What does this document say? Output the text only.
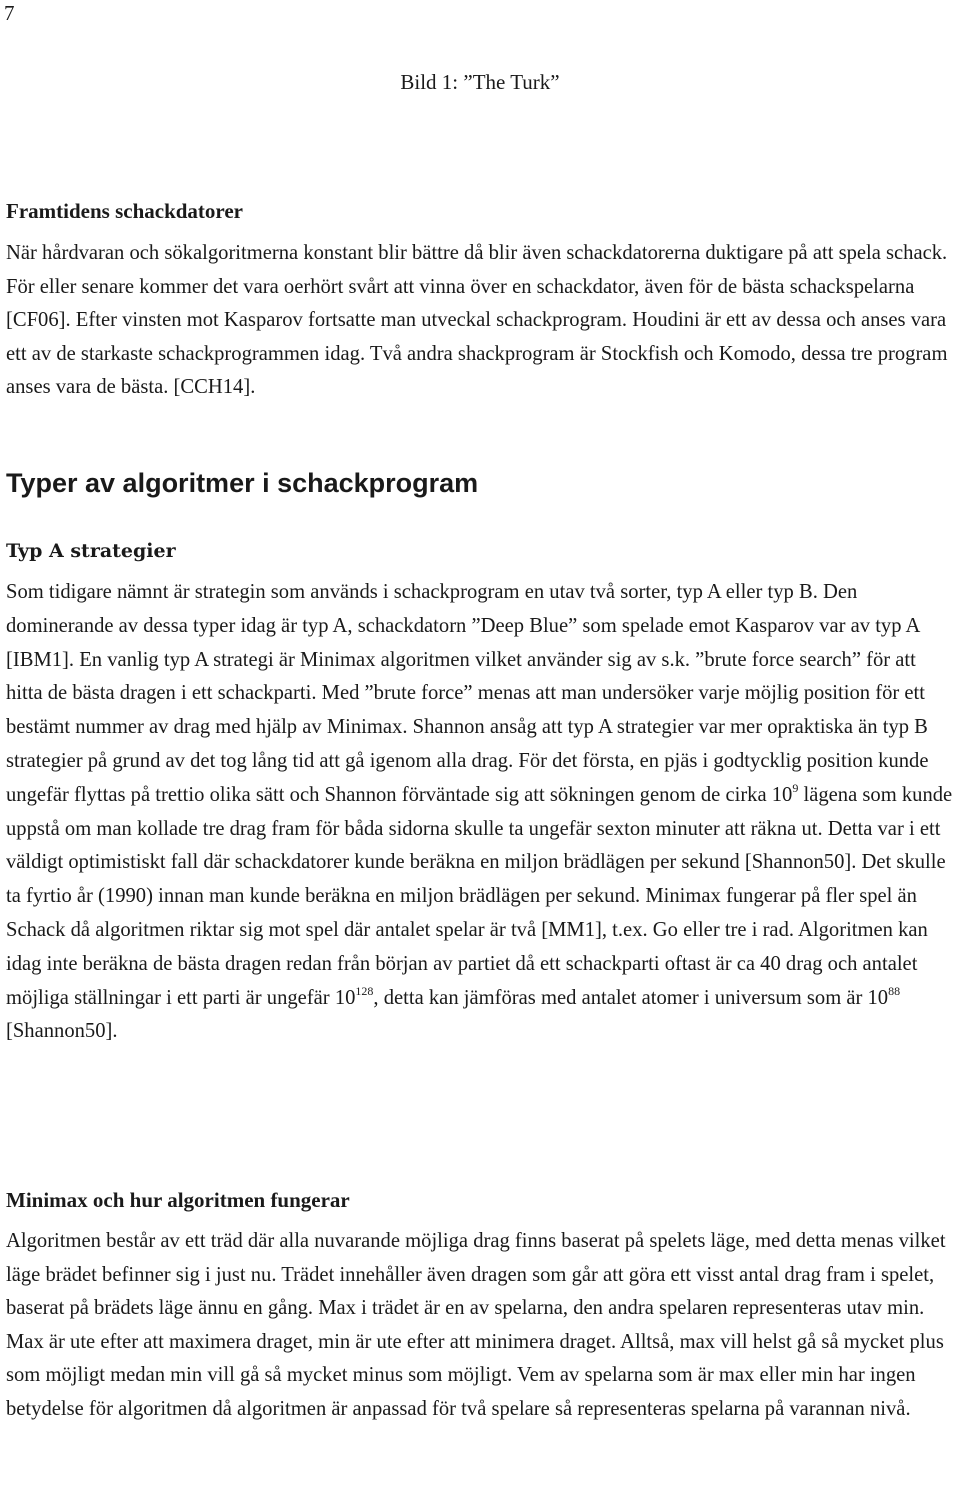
7
Bild 1: ”The Turk”
Framtidens schackdatorer

När hårdvaran och sökalgoritmerna konstant blir bättre då blir även schackdatorerna duktigare på att spela schack. För eller senare kommer det vara oerhört svårt att vinna över en schackdator, även för de bästa schackspelarna [CF06]. Efter vinsten mot Kasparov fortsatte man utveckal schackprogram. Houdini är ett av dessa och anses vara ett av de starkaste schackprogrammen idag. Två andra shackprogram är Stockfish och Komodo, dessa tre program anses vara de bästa. [CCH14].

Typer av algoritmer i schackprogram
Typ A strategier

Som tidigare nämnt är strategin som används i schackprogram en utav två sorter, typ A eller typ B. Den dominerande av dessa typer idag är typ A, schackdatorn ”Deep Blue” som spelade emot Kasparov var av typ A [IBM1]. En vanlig typ A strategi är Minimax algoritmen vilket använder sig av s.k. ”brute force search” för att hitta de bästa dragen i ett schackparti. Med ”brute force” menas att man undersöker varje möjlig position för ett bestämt nummer av drag med hjälp av Minimax. Shannon ansåg att typ A strategier var mer opraktiska än typ B strategier på grund av det tog lång tid att gå igenom alla drag. För det första, en pjäs i godtycklig position kunde ungefär flyttas på trettio olika sätt och Shannon förväntade sig att sökningen genom de cirka $10^9$ lägena som kunde uppstå om man kollade tre drag fram för båda sidorna skulle ta ungefär sexton minuter att räkna ut. Detta var i ett väldigt optimistiskt fall där schackdatorer kunde beräkna en miljon brädlägen per sekund [Shannon50]. Det skulle ta fyrtio år (1990) innan man kunde beräkna en miljon brädlägen per sekund. Minimax fungerar på fler spel än Schack då algoritmen riktar sig mot spel där antalet spelar är två [MM1], t.ex. Go eller tre i rad. Algoritmen kan idag inte beräkna de bästa dragen redan från början av partiet då ett schackparti oftast är ca 40 drag och antalet möjliga ställningar i ett parti är ungefär $10^{128}$, detta kan jämföras med antalet atomer i universum som är $10^{88}$ [Shannon50].

Minimax och hur algoritmen fungerar

Algoritmen består av ett träd där alla nuvarande möjliga drag finns baserat på spelets läge, med detta menas vilket läge brädet befinner sig i just nu. Trädet innehåller även dragen som går att göra ett visst antal drag fram i spelet, baserat på brädets läge ännu en gång. Max i trädet är en av spelarna, den andra spelaren representeras utav min. Max är ute efter att maximera draget, min är ute efter att minimera draget. Alltså, max vill helst gå så mycket plus som möjligt medan min vill gå så mycket minus som möjligt. Vem av spelarna som är max eller min har ingen betydelse för algoritmen då algoritmen är anpassad för två spelare så representeras spelarna på varannan nivå.
